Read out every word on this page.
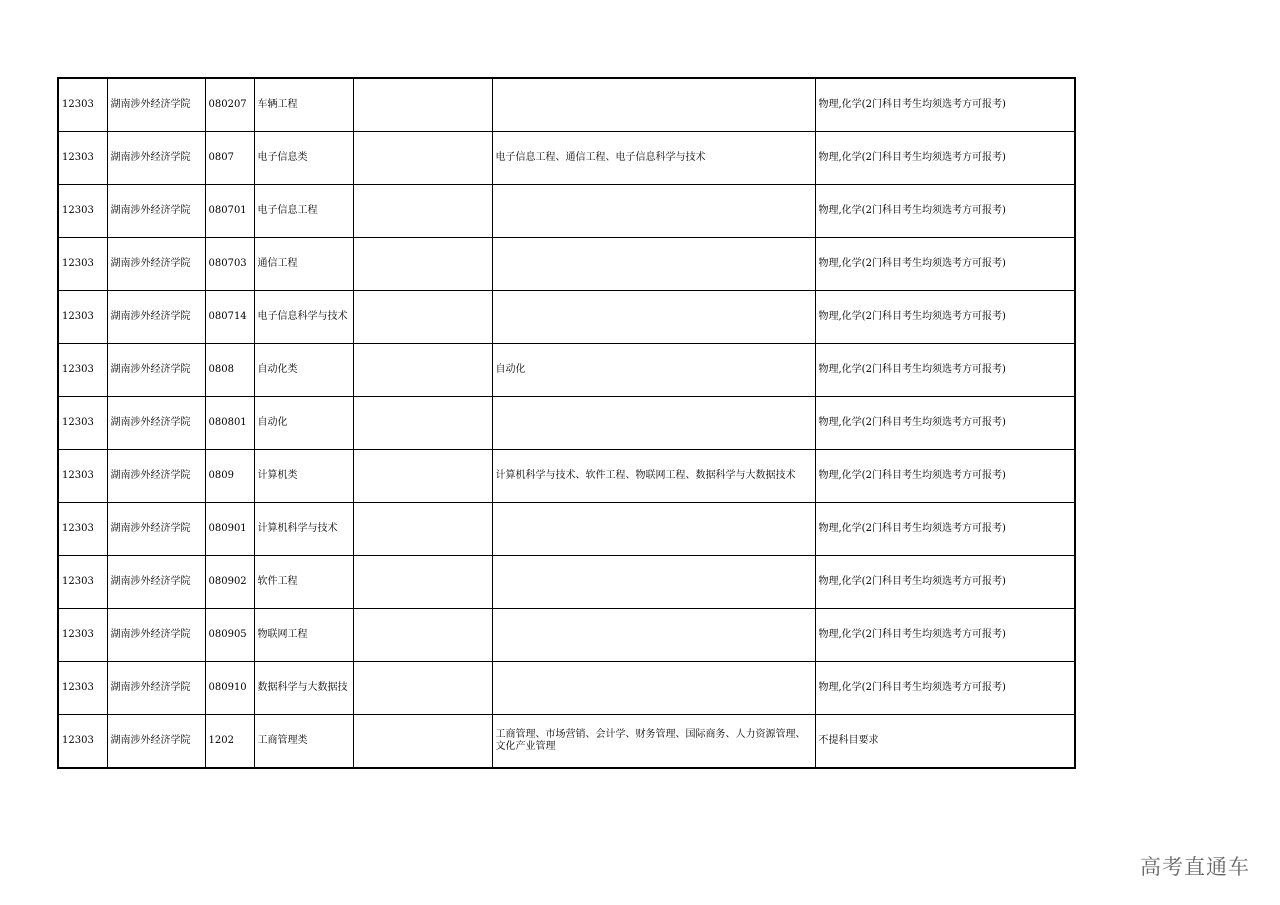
12303	湖南涉外经济学院	080207	车辆工程			物理,化学(2门科目考生均须选考方可报考)
12303	湖南涉外经济学院	0807	电子信息类		电子信息工程、通信工程、电子信息科学与技术	物理,化学(2门科目考生均须选考方可报考)
12303	湖南涉外经济学院	080701	电子信息工程			物理,化学(2门科目考生均须选考方可报考)
12303	湖南涉外经济学院	080703	通信工程			物理,化学(2门科目考生均须选考方可报考)
12303	湖南涉外经济学院	080714	电子信息科学与技术			物理,化学(2门科目考生均须选考方可报考)
12303	湖南涉外经济学院	0808	自动化类		自动化	物理,化学(2门科目考生均须选考方可报考)
12303	湖南涉外经济学院	080801	自动化			物理,化学(2门科目考生均须选考方可报考)
12303	湖南涉外经济学院	0809	计算机类		计算机科学与技术、软件工程、物联网工程、数据科学与大数据技术	物理,化学(2门科目考生均须选考方可报考)
12303	湖南涉外经济学院	080901	计算机科学与技术			物理,化学(2门科目考生均须选考方可报考)
12303	湖南涉外经济学院	080902	软件工程			物理,化学(2门科目考生均须选考方可报考)
12303	湖南涉外经济学院	080905	物联网工程			物理,化学(2门科目考生均须选考方可报考)
12303	湖南涉外经济学院	080910	数据科学与大数据技			物理,化学(2门科目考生均须选考方可报考)
12303	湖南涉外经济学院	1202	工商管理类		工商管理、市场营销、会计学、财务管理、国际商务、人力资源管理、文化产业管理	不提科目要求
高考直通车
